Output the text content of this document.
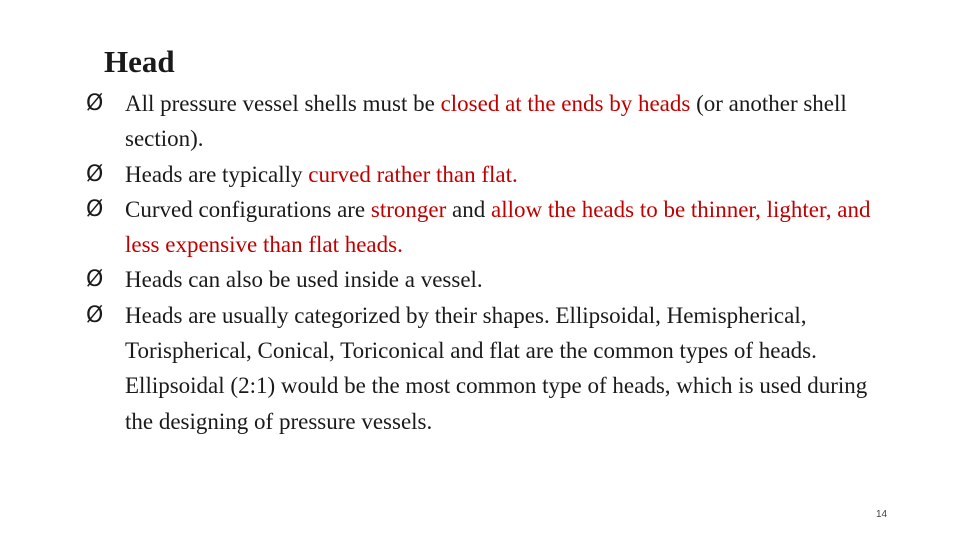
Head
Ø All pressure vessel shells must be closed at the ends by heads (or another shell section).
Ø Heads are typically curved rather than flat.
Ø Curved configurations are stronger and allow the heads to be thinner, lighter, and less expensive than flat heads.
Ø Heads can also be used inside a vessel.
Ø Heads are usually categorized by their shapes. Ellipsoidal, Hemispherical, Torispherical, Conical, Toriconical and flat are the common types of heads. Ellipsoidal (2:1) would be the most common type of heads, which is used during the designing of pressure vessels.
14
